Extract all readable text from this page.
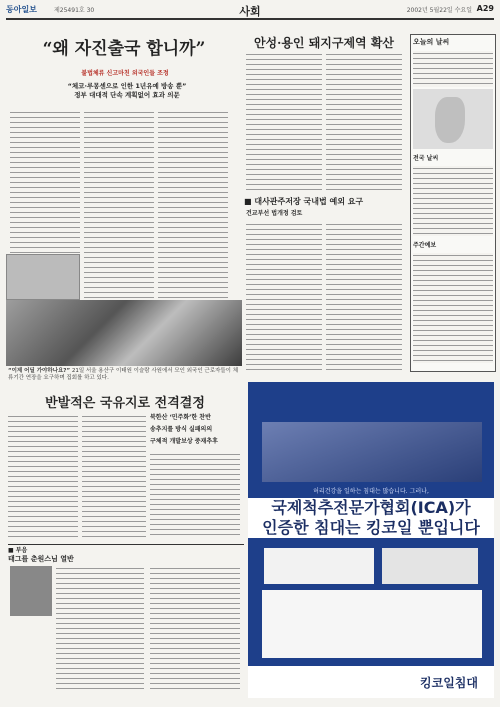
동아일보	제25491호 30	사회	2002년 5월22일 수요일 A29
“왜 자진출국 합니까”
불법체류 신고마친 외국인들 조정
“체코·루몽센으로 인한 1년유예 방송 뿐”
정부 대대적 단속 계획없어 효과 의문
“이제 어딜 가야하나요?” 21일 서울 용산구 이태원 이슬람 사원에서 모인 외국인 근로자들이 체류기간 연장을 요구하며 집회를 하고 있다.
안성·용인 돼지구제역 확산
■ 대사관주저장 국내법 예외 요구
건교부선 법개정 검토
오늘의 날씨
전국 날씨
주간예보
반발적은 국유지로 전격결정
북한산 ‘민주화’한 찬반
송추지를 방식 실패의의
구체적 개발보상 중재추후
■ 부음
태그를 춘원스님 열반
허리건강을 일하는 침대는 많습니다. 그러나,
국제척추전문가협회(ICA)가
인증한 침대는 킹코일 뿐입니다
킹코일침대
